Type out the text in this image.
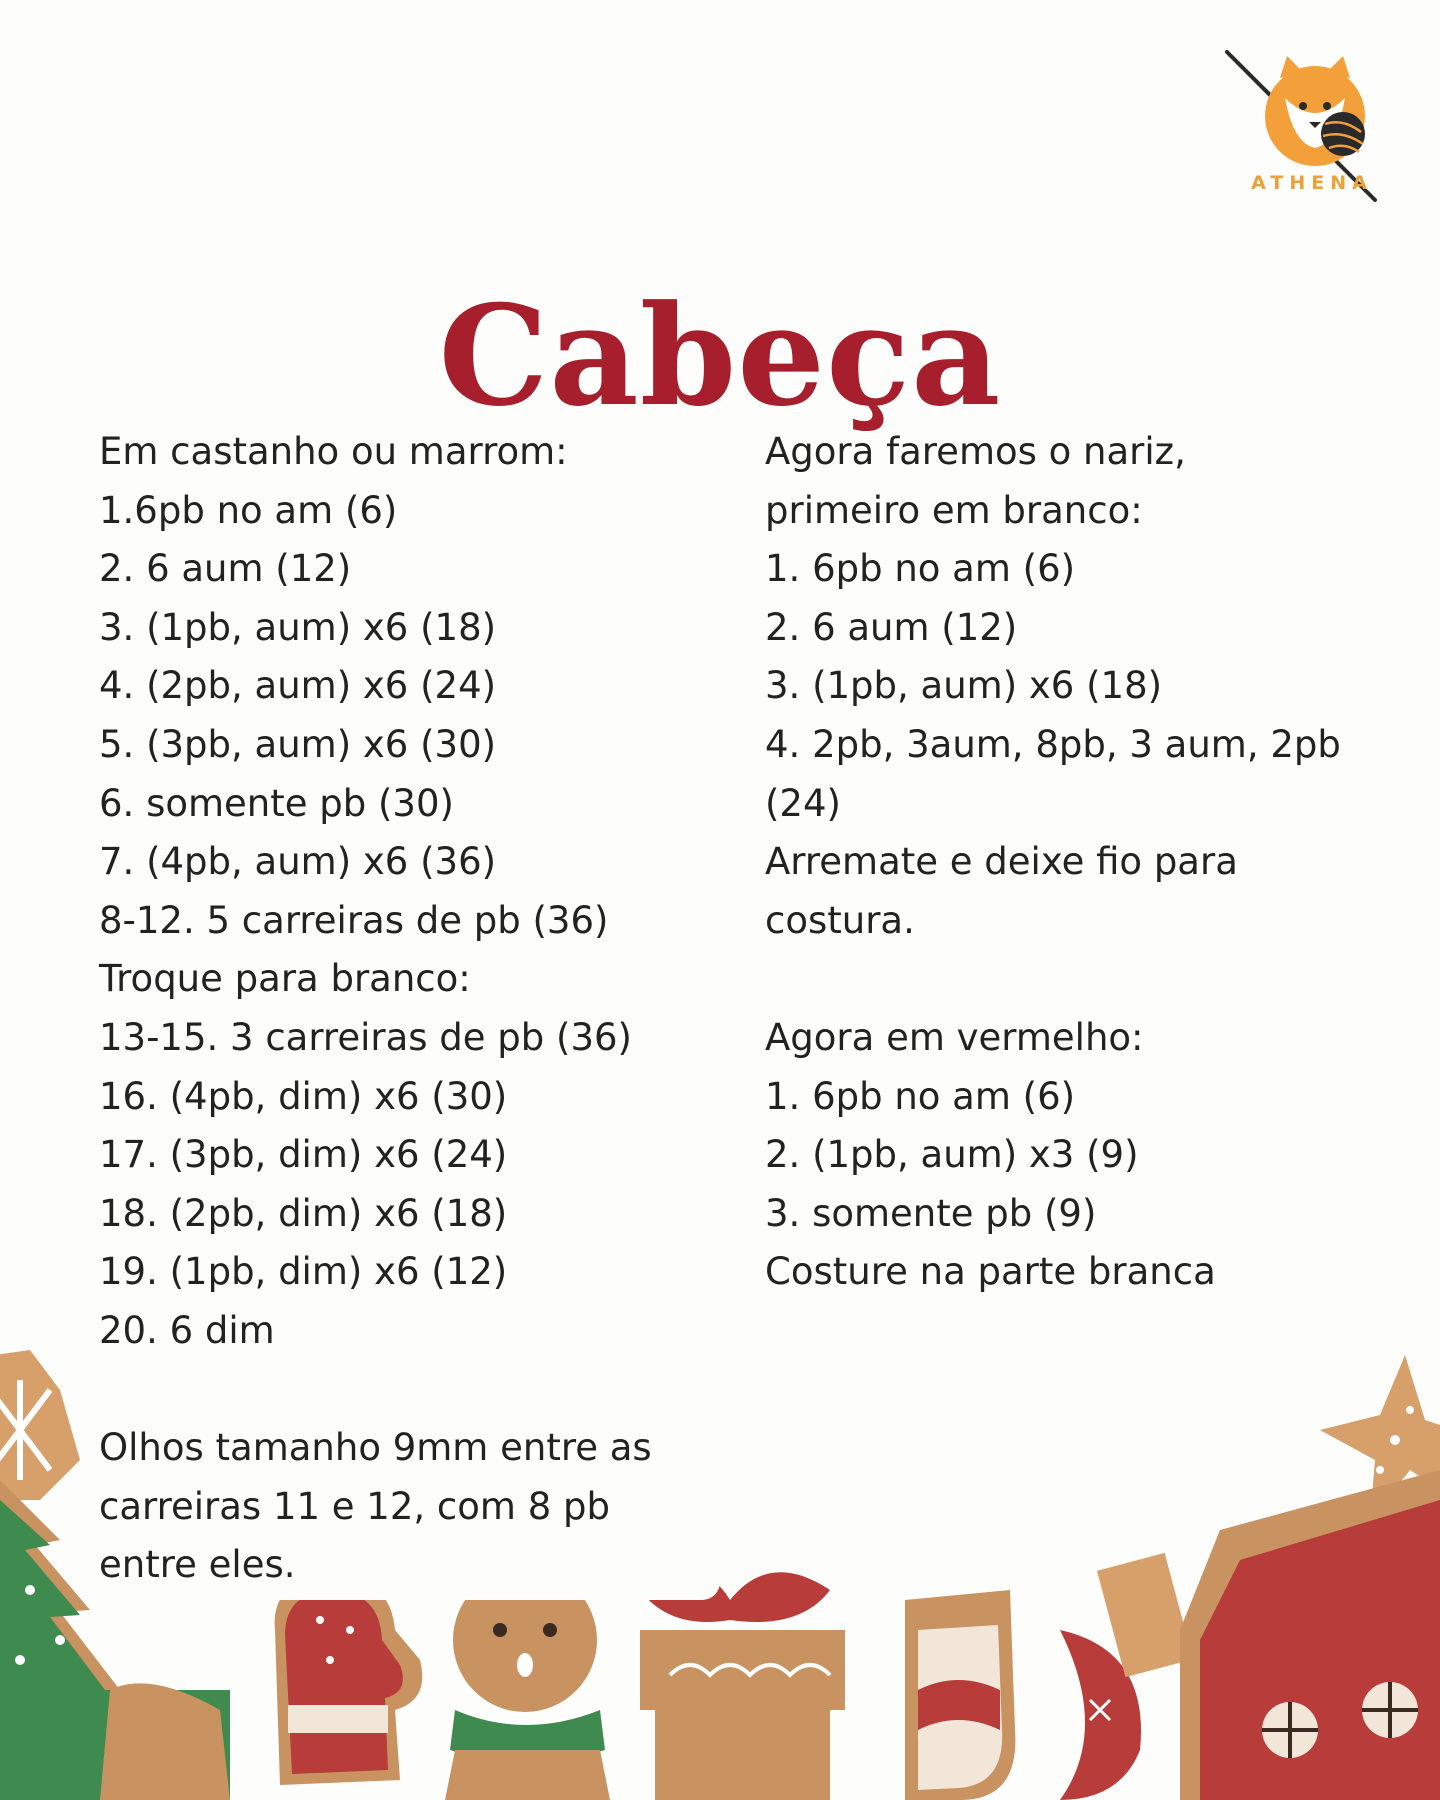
ATHENA
Cabeça
Em castanho ou marrom:
1.6pb no am (6)
2. 6 aum (12)
3. (1pb, aum) x6 (18)
4. (2pb, aum) x6 (24)
5. (3pb, aum) x6 (30)
6. somente pb (30)
7. (4pb, aum) x6 (36)
8-12. 5 carreiras de pb (36)
Troque para branco:
13-15. 3 carreiras de pb (36)
16. (4pb, dim) x6 (30)
17. (3pb, dim) x6 (24)
18. (2pb, dim) x6 (18)
19. (1pb, dim) x6 (12)
20. 6 dim
Olhos tamanho 9mm entre as
carreiras 11 e 12, com 8 pb
entre eles.
Agora faremos o nariz,
primeiro em branco:
1. 6pb no am (6)
2. 6 aum (12)
3. (1pb, aum) x6 (18)
4. 2pb, 3aum, 8pb, 3 aum, 2pb
(24)
Arremate e deixe fio para
costura.
Agora em vermelho:
1. 6pb no am (6)
2. (1pb, aum) x3 (9)
3. somente pb (9)
Costure na parte branca
